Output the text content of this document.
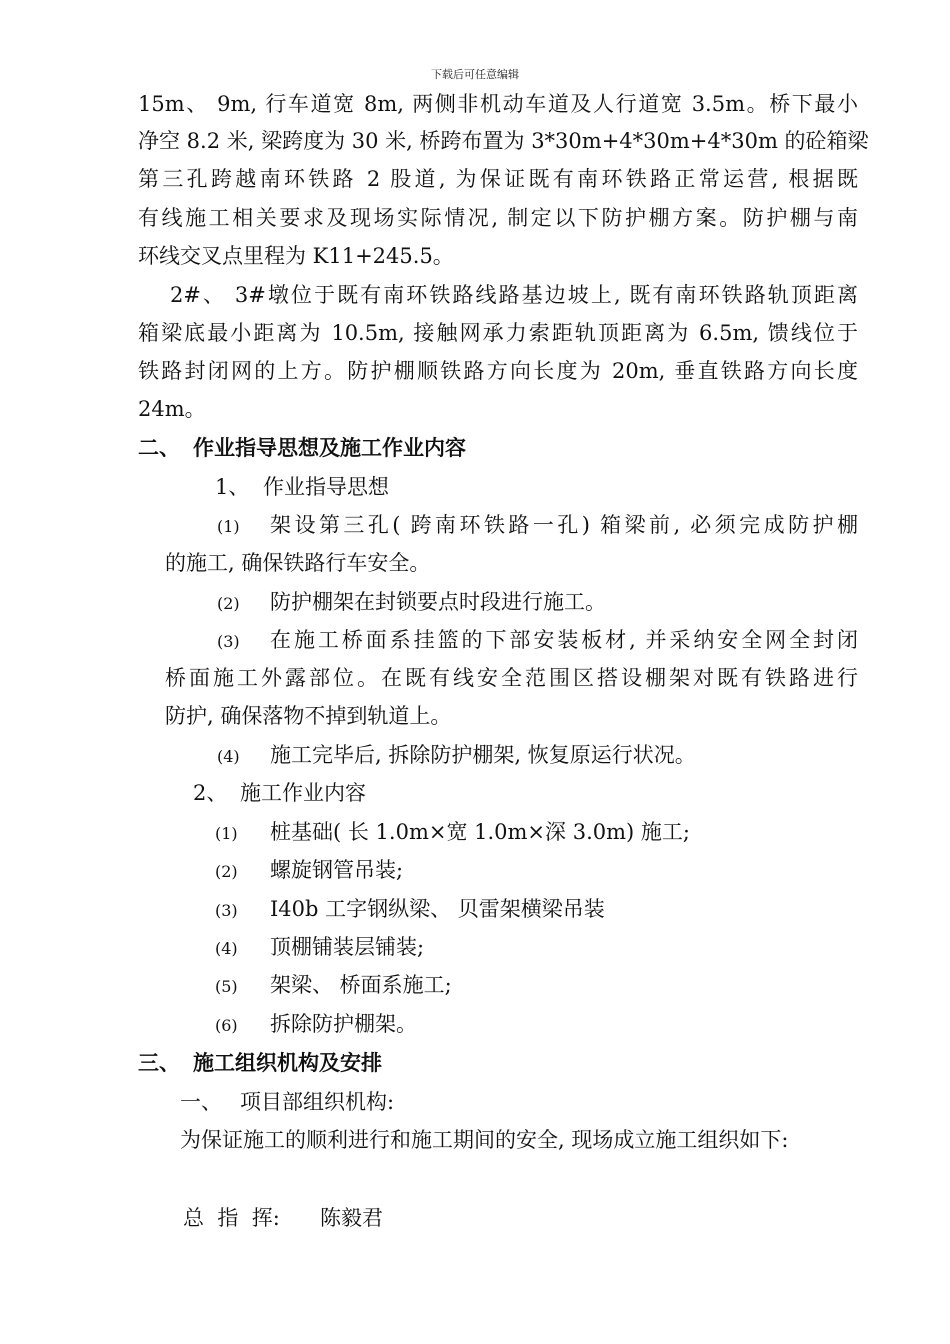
下载后可任意编辑
15m、 9m, 行车道宽 8m, 两侧非机动车道及人行道宽 3.5m。桥下最小
净空 8.2 米, 梁跨度为 30 米, 桥跨布置为 3*30m+4*30m+4*30m 的砼箱梁
第三孔跨越南环铁路 2 股道, 为保证既有南环铁路正常运营, 根据既
有线施工相关要求及现场实际情况, 制定以下防护棚方案。防护棚与南
环线交叉点里程为 K11+245.5。
2#、 3#墩位于既有南环铁路线路基边坡上, 既有南环铁路轨顶距离
箱梁底最小距离为 10.5m, 接触网承力索距轨顶距离为 6.5m, 馈线位于
铁路封闭网的上方。防护棚顺铁路方向长度为 20m, 垂直铁路方向长度
24m。
二、 作业指导思想及施工作业内容
1、 作业指导思想
(1) 架设第三孔( 跨南环铁路一孔) 箱梁前, 必须完成防护棚
的施工, 确保铁路行车安全。
(2) 防护棚架在封锁要点时段进行施工。
(3) 在施工桥面系挂篮的下部安装板材, 并采纳安全网全封闭
桥面施工外露部位。在既有线安全范围区搭设棚架对既有铁路进行
防护, 确保落物不掉到轨道上。
(4) 施工完毕后, 拆除防护棚架, 恢复原运行状况。
2、 施工作业内容
(1) 桩基础( 长 1.0m×宽 1.0m×深 3.0m) 施工;
(2) 螺旋钢管吊装;
(3) I40b 工字钢纵梁、 贝雷架横梁吊装
(4) 顶棚铺装层铺装;
(5) 架梁、 桥面系施工;
(6) 拆除防护棚架。
三、 施工组织机构及安排
一、 项目部组织机构:
为保证施工的顺利进行和施工期间的安全, 现场成立施工组织如下:
总  指  挥: 陈毅君
